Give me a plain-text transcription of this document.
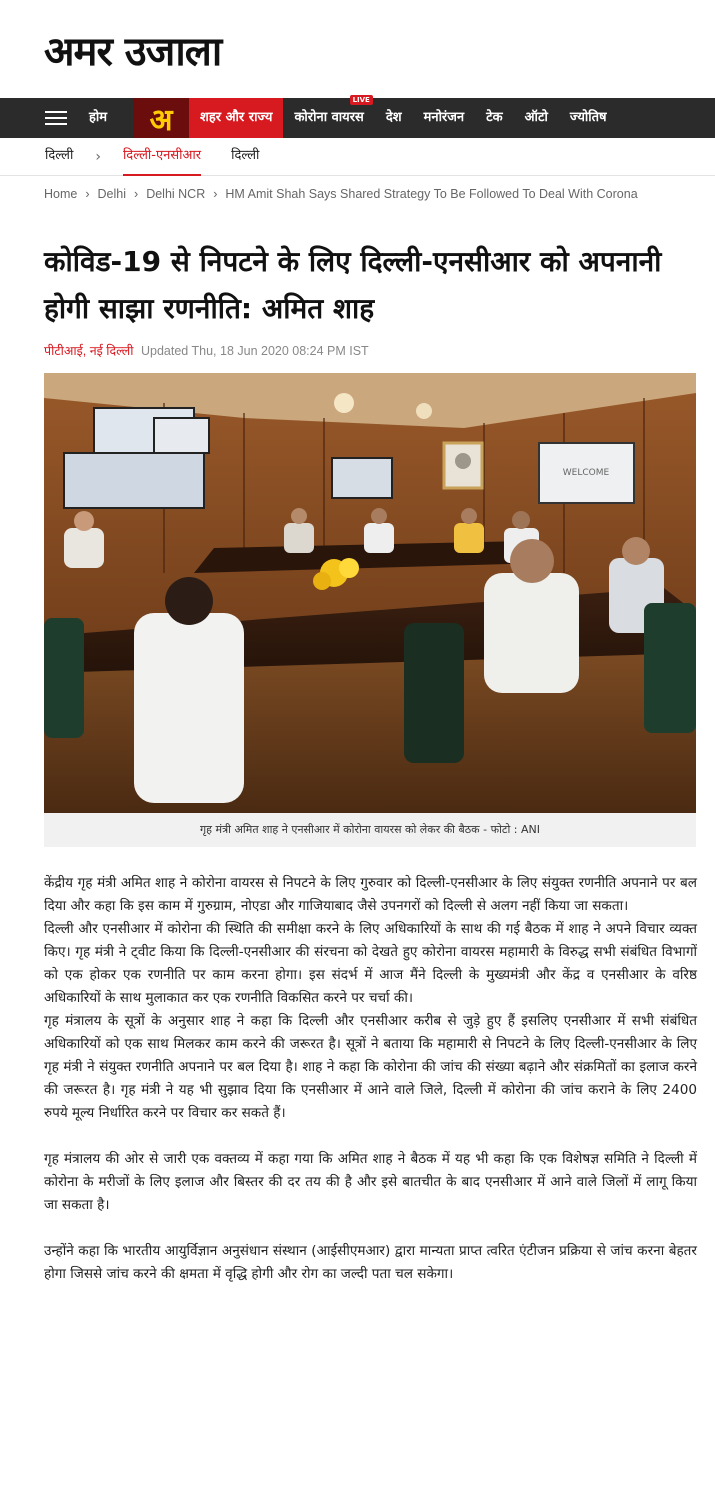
अमर उजाला
होम	अ	शहर और राज्य	कोरोना वायरस
LIVE
देश	मनोरंजन	टेक	ऑटो	ज्योतिष
दिल्ली › दिल्ली-एनसीआर दिल्ली
Home › Delhi › Delhi NCR › HM Amit Shah Says Shared Strategy To Be Followed To Deal With Corona
कोविड-19 से निपटने के लिए दिल्ली-एनसीआर को अपनानी होगी साझा रणनीति: अमित शाह
पीटीआई, नई दिल्ली Updated Thu, 18 Jun 2020 08:24 PM IST
WELCOME
गृह मंत्री अमित शाह ने एनसीआर में कोरोना वायरस को लेकर की बैठक - फोटो : ANI

केंद्रीय गृह मंत्री अमित शाह ने कोरोना वायरस से निपटने के लिए गुरुवार को दिल्ली-एनसीआर के लिए संयुक्त रणनीति अपनाने पर बल दिया और कहा कि इस काम में गुरुग्राम, नोएडा और गाजियाबाद जैसे उपनगरों को दिल्ली से अलग नहीं किया जा सकता।

दिल्ली और एनसीआर में कोरोना की स्थिति की समीक्षा करने के लिए अधिकारियों के साथ की गई बैठक में शाह ने अपने विचार व्यक्त किए। गृह मंत्री ने ट्वीट किया कि दिल्ली-एनसीआर की संरचना को देखते हुए कोरोना वायरस महामारी के विरुद्ध सभी संबंधित विभागों को एक होकर एक रणनीति पर काम करना होगा। इस संदर्भ में आज मैंने दिल्ली के मुख्यमंत्री और केंद्र व एनसीआर के वरिष्ठ अधिकारियों के साथ मुलाकात कर एक रणनीति विकसित करने पर चर्चा की।

गृह मंत्रालय के सूत्रों के अनुसार शाह ने कहा कि दिल्ली और एनसीआर करीब से जुड़े हुए हैं इसलिए एनसीआर में सभी संबंधित अधिकारियों को एक साथ मिलकर काम करने की जरूरत है। सूत्रों ने बताया कि महामारी से निपटने के लिए दिल्ली-एनसीआर के लिए गृह मंत्री ने संयुक्त रणनीति अपनाने पर बल दिया है। शाह ने कहा कि कोरोना की जांच की संख्या बढ़ाने और संक्रमितों का इलाज करने की जरूरत है। गृह मंत्री ने यह भी सुझाव दिया कि एनसीआर में आने वाले जिले, दिल्ली में कोरोना की जांच कराने के लिए 2400 रुपये मूल्य निर्धारित करने पर विचार कर सकते हैं।

गृह मंत्रालय की ओर से जारी एक वक्तव्य में कहा गया कि अमित शाह ने बैठक में यह भी कहा कि एक विशेषज्ञ समिति ने दिल्ली में कोरोना के मरीजों के लिए इलाज और बिस्तर की दर तय की है और इसे बातचीत के बाद एनसीआर में आने वाले जिलों में लागू किया जा सकता है।

उन्होंने कहा कि भारतीय आयुर्विज्ञान अनुसंधान संस्थान (आईसीएमआर) द्वारा मान्यता प्राप्त त्वरित एंटीजन प्रक्रिया से जांच करना बेहतर होगा जिससे जांच करने की क्षमता में वृद्धि होगी और रोग का जल्दी पता चल सकेगा।
